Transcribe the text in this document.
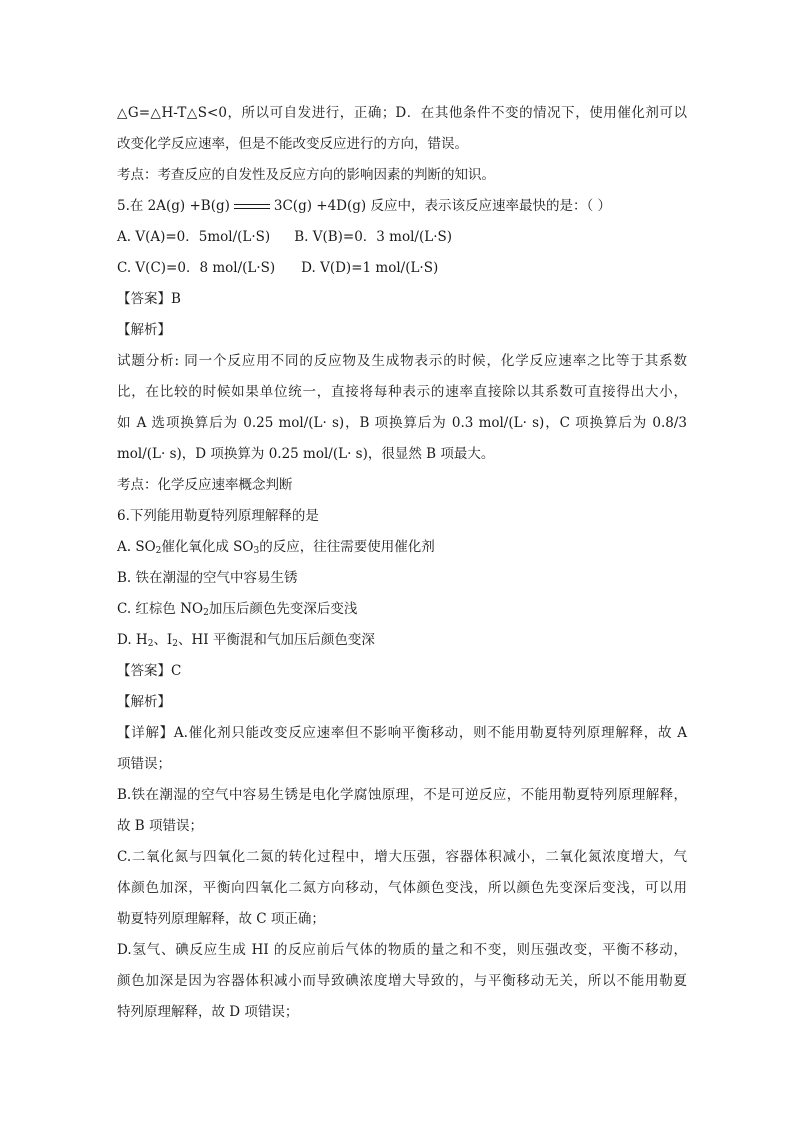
△G=△H-T△S<0，所以可自发进行，正确；D．在其他条件不变的情况下，使用催化剂可以
改变化学反应速率，但是不能改变反应进行的方向，错误。
考点：考查反应的自发性及反应方向的影响因素的判断的知识。
5.在 2A(g) +B(g)	3C(g) +4D(g) 反应中，表示该反应速率最快的是：（ ）
A. V(A)=0．5mol/(L·S) B. V(B)=0．3 mol/(L·S)
C. V(C)=0．8 mol/(L·S) D. V(D)=1 mol/(L·S)
【答案】B
【解析】
试题分析: 同一个反应用不同的反应物及生成物表示的时候，化学反应速率之比等于其系数
比，在比较的时候如果单位统一，直接将每种表示的速率直接除以其系数可直接得出大小，
如 A 选项换算后为 0.25 mol/(L· s)，B 项换算后为 0.3 mol/(L· s)，C 项换算后为 0.8/3
mol/(L· s)，D 项换算为 0.25 mol/(L· s)，很显然 B 项最大。
考点：化学反应速率概念判断
6.下列能用勒夏特列原理解释的是
A. $SO_2$催化氧化成 $SO_3$的反应，往往需要使用催化剂
B. 铁在潮湿的空气中容易生锈
C. 红棕色 $NO_2$加压后颜色先变深后变浅
D. $H_2$、$I_2$、HI 平衡混和气加压后颜色变深
【答案】C
【解析】
【详解】A.催化剂只能改变反应速率但不影响平衡移动，则不能用勒夏特列原理解释，故 A
项错误；
B.铁在潮湿的空气中容易生锈是电化学腐蚀原理，不是可逆反应，不能用勒夏特列原理解释，
故 B 项错误；
C.二氧化氮与四氧化二氮的转化过程中，增大压强，容器体积减小，二氧化氮浓度增大，气
体颜色加深，平衡向四氧化二氮方向移动，气体颜色变浅，所以颜色先变深后变浅，可以用
勒夏特列原理解释，故 C 项正确；
D.氢气、碘反应生成 HI 的反应前后气体的物质的量之和不变，则压强改变，平衡不移动，
颜色加深是因为容器体积减小而导致碘浓度增大导致的，与平衡移动无关，所以不能用勒夏
特列原理解释，故 D 项错误；
